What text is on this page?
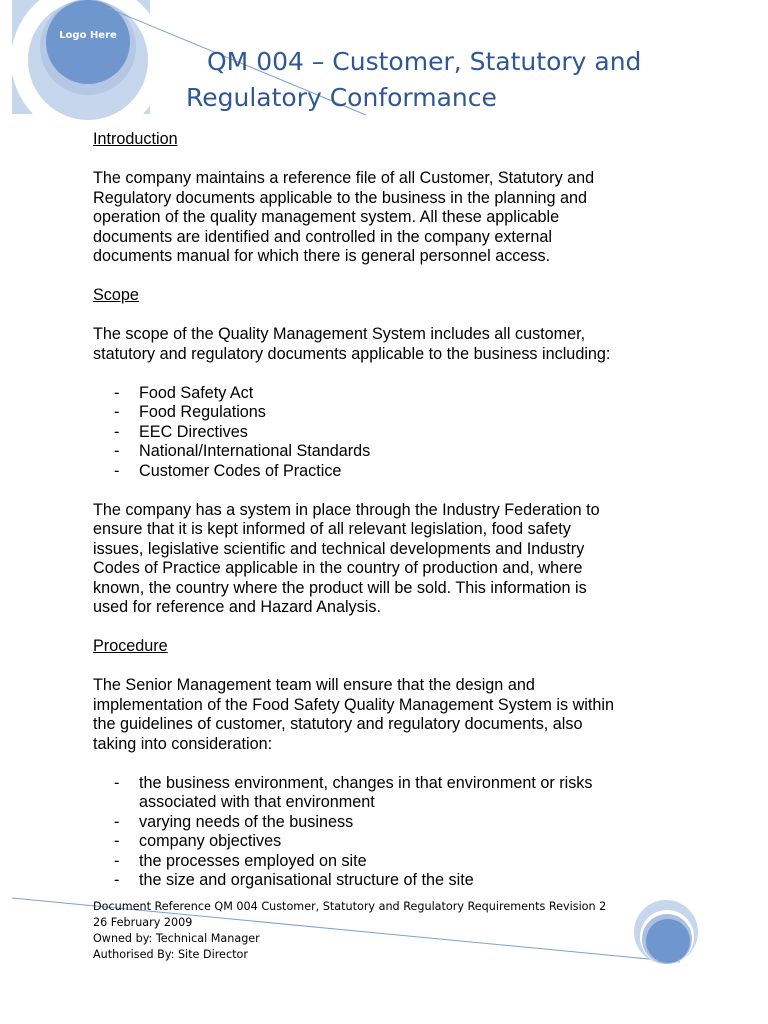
Logo Here
QM 004 – Customer, Statutory and
Regulatory Conformance
Introduction
The company maintains a reference file of all Customer, Statutory and
Regulatory documents applicable to the business in the planning and
operation of the quality management system. All these applicable
documents are identified and controlled in the company external
documents manual for which there is general personnel access.
Scope
The scope of the Quality Management System includes all customer,
statutory and regulatory documents applicable to the business including:
-	Food Safety Act
-	Food Regulations
-	EEC Directives
-	National/International Standards
-	Customer Codes of Practice
The company has a system in place through the Industry Federation to
ensure that it is kept informed of all relevant legislation, food safety
issues, legislative scientific and technical developments and Industry
Codes of Practice applicable in the country of production and, where
known, the country where the product will be sold. This information is
used for reference and Hazard Analysis.
Procedure
The Senior Management team will ensure that the design and
implementation of the Food Safety Quality Management System is within
the guidelines of customer, statutory and regulatory documents, also
taking into consideration:
-	the business environment, changes in that environment or risks
associated with that environment
-	varying needs of the business
-	company objectives
-	the processes employed on site
-	the size and organisational structure of the site
Document Reference QM 004 Customer, Statutory and Regulatory Requirements Revision 2
26 February 2009
Owned by: Technical Manager
Authorised By: Site Director
